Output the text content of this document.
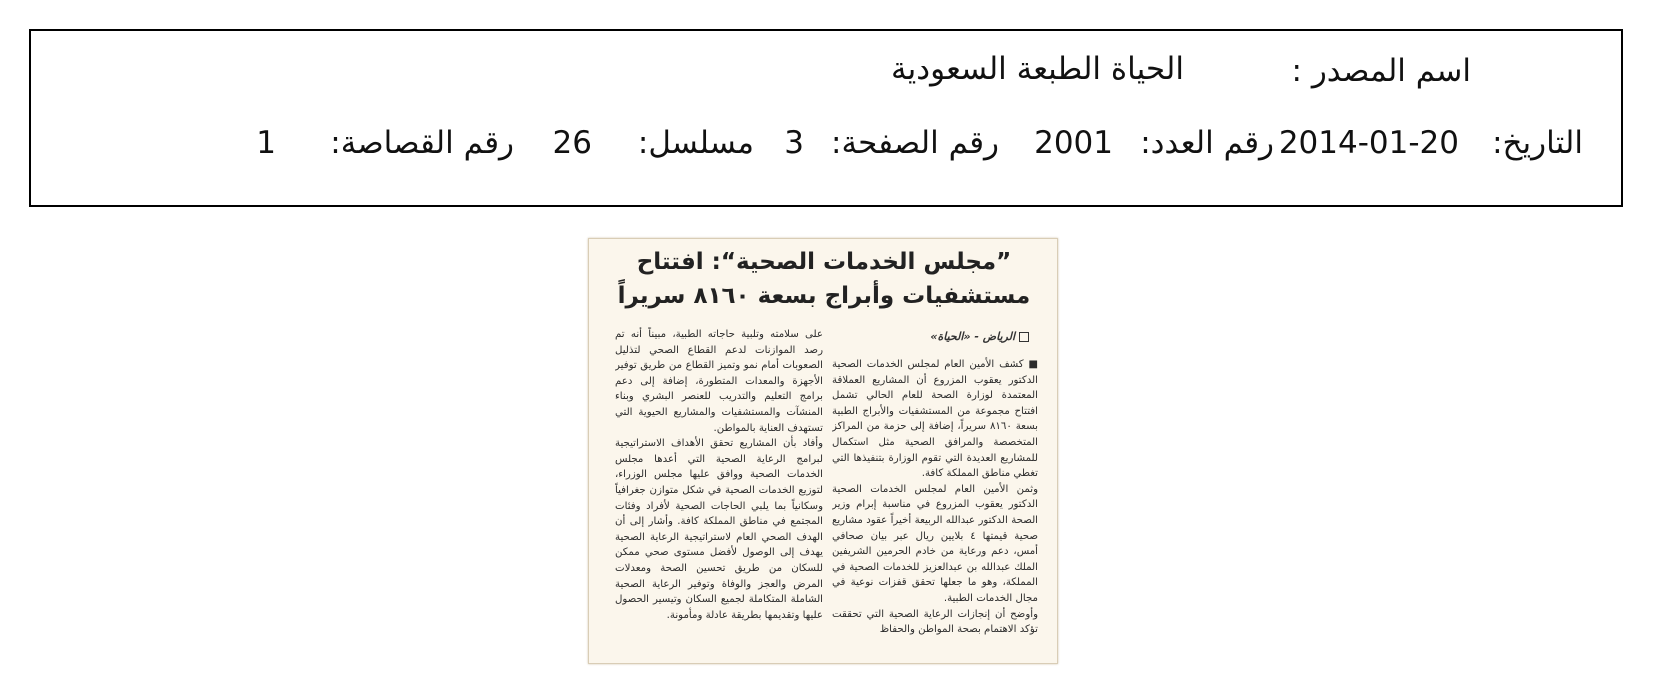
اسم المصدر :
الحياة الطبعة السعودية
التاريخ:
2014-01-20
رقم العدد:
2001
رقم الصفحة:
3
مسلسل:
26
رقم القصاصة:
1
”مجلس الخدمات الصحية“: افتتاح
مستشفيات وأبراج بسعة ٨١٦٠ سريراً
الرياض - «الحياة»

■ كشف الأمين العام لمجلس الخدمات الصحية الدكتور يعقوب المزروع أن المشاريع العملاقة المعتمدة لوزارة الصحة للعام الحالي تشمل افتتاح مجموعة من المستشفيات والأبراج الطبية بسعة ٨١٦٠ سريراً، إضافة إلى حزمة من المراكز المتخصصة والمرافق الصحية مثل استكمال للمشاريع العديدة التي تقوم الوزارة بتنفيذها التي تغطي مناطق المملكة كافة.

وثمن الأمين العام لمجلس الخدمات الصحية الدكتور يعقوب المزروع في مناسبة إبرام وزير الصحة الدكتور عبدالله الربيعة أخيراً عقود مشاريع صحية قيمتها ٤ بلايين ريال عبر بيان صحافي أمس، دعم ورعاية من خادم الحرمين الشريفين الملك عبدالله بن عبدالعزيز للخدمات الصحية في المملكة، وهو ما جعلها تحقق قفزات نوعية في مجال الخدمات الطبية.

وأوضح أن إنجازات الرعاية الصحية التي تحققت تؤكد الاهتمام بصحة المواطن والحفاظ

على سلامته وتلبية حاجاته الطبية، مبيناً أنه تم رصد الموازنات لدعم القطاع الصحي لتذليل الصعوبات أمام نمو وتميز القطاع من طريق توفير الأجهزة والمعدات المتطورة، إضافة إلى دعم برامج التعليم والتدريب للعنصر البشري وبناء المنشآت والمستشفيات والمشاريع الحيوية التي تستهدف العناية بالمواطن.

وأفاد بأن المشاريع تحقق الأهداف الاستراتيجية لبرامج الرعاية الصحية التي أعدها مجلس الخدمات الصحية ووافق عليها مجلس الوزراء، لتوزيع الخدمات الصحية في شكل متوازن جغرافياً وسكانياً بما يلبي الحاجات الصحية لأفراد وفئات المجتمع في مناطق المملكة كافة. وأشار إلى أن الهدف الصحي العام لاستراتيجية الرعاية الصحية يهدف إلى الوصول لأفضل مستوى صحي ممكن للسكان من طريق تحسين الصحة ومعدلات المرض والعجز والوفاة وتوفير الرعاية الصحية الشاملة المتكاملة لجميع السكان وتيسير الحصول عليها وتقديمها بطريقة عادلة ومأمونة.
